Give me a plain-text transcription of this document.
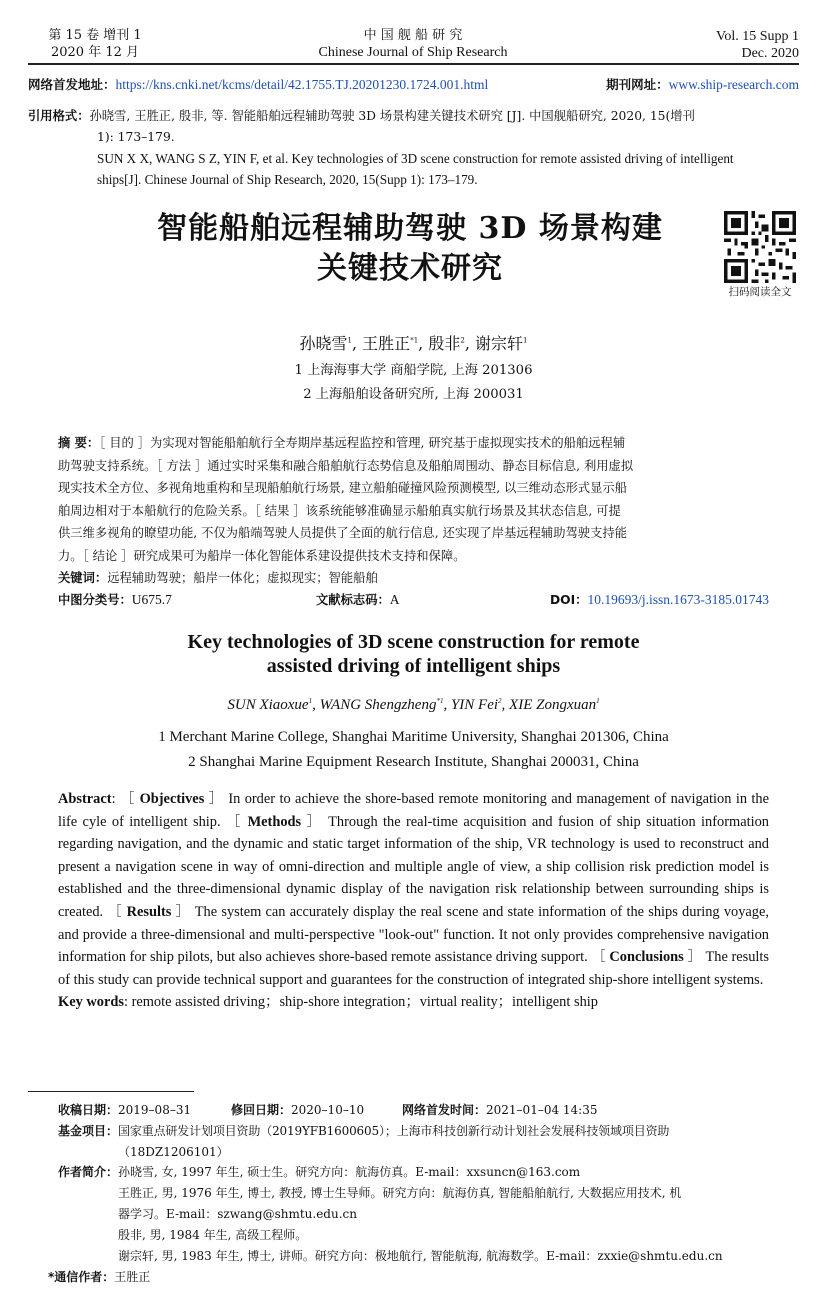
第 15 卷 增刊 1
2020 年 12 月
中 国 舰 船 研 究
Chinese Journal of Ship Research
Vol. 15 Supp 1
Dec. 2020
网络首发地址：https://kns.cnki.net/kcms/detail/42.1755.TJ.20201230.1724.001.html	期刊网址：www.ship-research.com
引用格式：孙晓雪, 王胜正, 殷非, 等. 智能船舶远程辅助驾驶 3D 场景构建关键技术研究 [J]. 中国舰船研究, 2020, 15(增刊
1): 173–179.
SUN X X, WANG S Z, YIN F, et al. Key technologies of 3D scene construction for remote assisted driving of intelligent
ships[J]. Chinese Journal of Ship Research, 2020, 15(Supp 1): 173–179.
智能船舶远程辅助驾驶 3D 场景构建
关键技术研究
扫码阅读全文
孙晓雪$^1$, 王胜正$^{*1}$, 殷非$^2$, 谢宗轩$^1$
1 上海海事大学 商船学院, 上海 201306
2 上海船舶设备研究所, 上海 200031
摘 要：［ 目的 ］为实现对智能船舶航行全寿期岸基远程监控和管理, 研究基于虚拟现实技术的船舶远程辅
助驾驶支持系统。［ 方法 ］通过实时采集和融合船舶航行态势信息及船舶周围动、静态目标信息, 利用虚拟
现实技术全方位、多视角地重构和呈现船舶航行场景, 建立船舶碰撞风险预测模型, 以三维动态形式显示船
舶周边相对于本船航行的危险关系。［ 结果 ］该系统能够准确显示船舶真实航行场景及其状态信息, 可提
供三维多视角的瞭望功能, 不仅为船端驾驶人员提供了全面的航行信息, 还实现了岸基远程辅助驾驶支持能
力。［ 结论 ］研究成果可为船岸一体化智能体系建设提供技术支持和保障。
关键词：远程辅助驾驶；船岸一体化；虚拟现实；智能船舶
中图分类号：U675.7	文献标志码：A	DOI：10.19693/j.issn.1673-3185.01743
Key technologies of 3D scene construction for remote
assisted driving of intelligent ships
SUN Xiaoxue$^1$, WANG Shengzheng$^{*1}$, YIN Fei$^2$, XIE Zongxuan$^1$
1 Merchant Marine College, Shanghai Maritime University, Shanghai 201306, China
2 Shanghai Marine Equipment Research Institute, Shanghai 200031, China
Abstract: ［ Objectives ］ In order to achieve the shore-based remote monitoring and management of navigation in the life cyle of intelligent ship. ［ Methods ］ Through the real-time acquisition and fusion of ship situation information regarding navigation, and the dynamic and static target information of the ship, VR technology is used to reconstruct and present a navigation scene in way of omni-direction and multiple angle of view, a ship collision risk prediction model is established and the three-dimensional dynamic display of the navigation risk relationship between surrounding ships is created. ［ Results ］ The system can accurately display the real scene and state information of the ships during voyage, and provide a three-dimensional and multi-perspective "look-out" function. It not only provides comprehensive navigation information for ship pilots, but also achieves shore-based remote assistance driving support. ［ Conclusions ］ The results of this study can provide technical support and guarantees for the construction of integrated ship-shore intelligent systems.
Key words: remote assisted driving；ship-shore integration；virtual reality；intelligent ship
收稿日期：2019–08–31	修回日期：2020–10–10	网络首发时间：2021–01–04 14:35
基金项目：国家重点研发计划项目资助（2019YFB1600605）；上海市科技创新行动计划社会发展科技领域项目资助
（18DZ1206101）
作者简介：孙晓雪, 女, 1997 年生, 硕士生。研究方向：航海仿真。E-mail：xxsuncn@163.com
王胜正, 男, 1976 年生, 博士, 教授, 博士生导师。研究方向：航海仿真, 智能船舶航行, 大数据应用技术, 机
器学习。E-mail：szwang@shmtu.edu.cn
殷非, 男, 1984 年生, 高级工程师。
谢宗轩, 男, 1983 年生, 博士, 讲师。研究方向：极地航行, 智能航海, 航海数学。E-mail：zxxie@shmtu.edu.cn
*通信作者：王胜正
